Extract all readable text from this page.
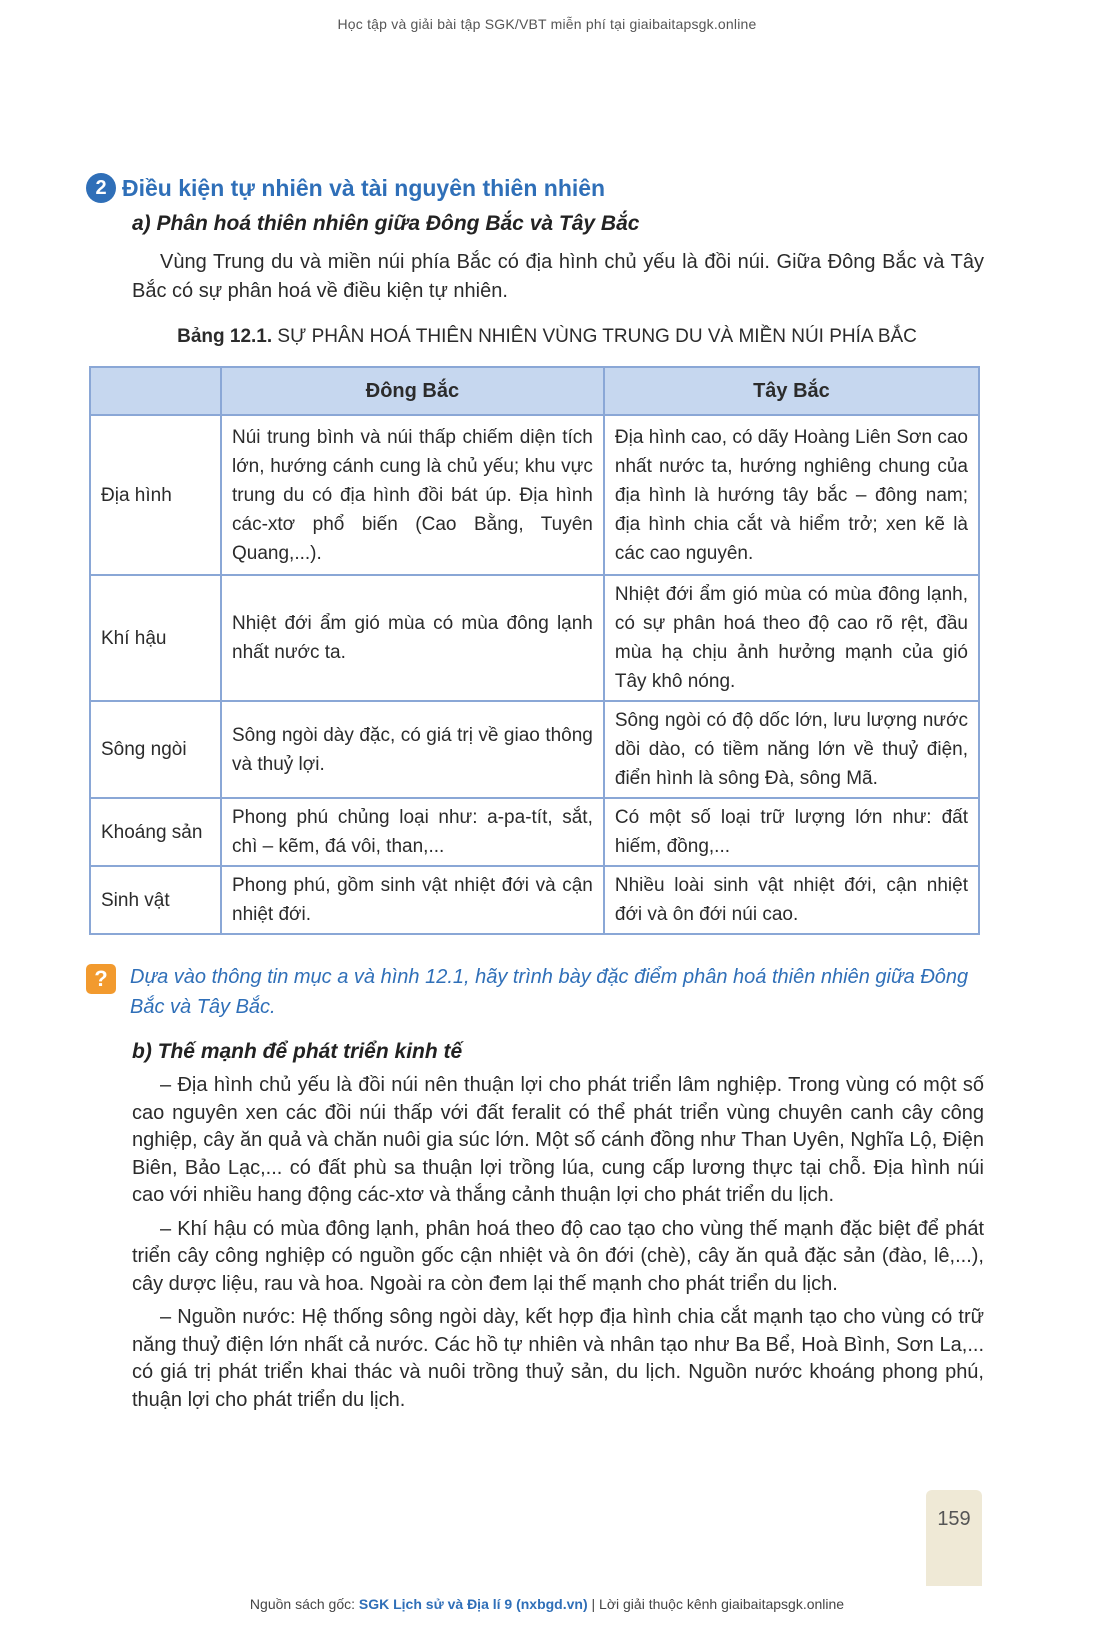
Học tập và giải bài tập SGK/VBT miễn phí tại giaibaitapsgk.online
2 Điều kiện tự nhiên và tài nguyên thiên nhiên
a) Phân hoá thiên nhiên giữa Đông Bắc và Tây Bắc
Vùng Trung du và miền núi phía Bắc có địa hình chủ yếu là đồi núi. Giữa Đông Bắc và Tây Bắc có sự phân hoá về điều kiện tự nhiên.
Bảng 12.1. SỰ PHÂN HOÁ THIÊN NHIÊN VÙNG TRUNG DU VÀ MIỀN NÚI PHÍA BẮC
	Đông Bắc	Tây Bắc
Địa hình	Núi trung bình và núi thấp chiếm diện tích lớn, hướng cánh cung là chủ yếu; khu vực trung du có địa hình đồi bát úp. Địa hình các-xtơ phổ biến (Cao Bằng, Tuyên Quang,...).	Địa hình cao, có dãy Hoàng Liên Sơn cao nhất nước ta, hướng nghiêng chung của địa hình là hướng tây bắc – đông nam; địa hình chia cắt và hiểm trở; xen kẽ là các cao nguyên.
Khí hậu	Nhiệt đới ẩm gió mùa có mùa đông lạnh nhất nước ta.	Nhiệt đới ẩm gió mùa có mùa đông lạnh, có sự phân hoá theo độ cao rõ rệt, đầu mùa hạ chịu ảnh hưởng mạnh của gió Tây khô nóng.
Sông ngòi	Sông ngòi dày đặc, có giá trị về giao thông và thuỷ lợi.	Sông ngòi có độ dốc lớn, lưu lượng nước dồi dào, có tiềm năng lớn về thuỷ điện, điển hình là sông Đà, sông Mã.
Khoáng sản	Phong phú chủng loại như: a-pa-tít, sắt, chì – kẽm, đá vôi, than,...	Có một số loại trữ lượng lớn như: đất hiếm, đồng,...
Sinh vật	Phong phú, gồm sinh vật nhiệt đới và cận nhiệt đới.	Nhiều loài sinh vật nhiệt đới, cận nhiệt đới và ôn đới núi cao.
?	Dựa vào thông tin mục a và hình 12.1, hãy trình bày đặc điểm phân hoá thiên nhiên giữa Đông Bắc và Tây Bắc.
b) Thế mạnh để phát triển kinh tế

– Địa hình chủ yếu là đồi núi nên thuận lợi cho phát triển lâm nghiệp. Trong vùng có một số cao nguyên xen các đồi núi thấp với đất feralit có thể phát triển vùng chuyên canh cây công nghiệp, cây ăn quả và chăn nuôi gia súc lớn. Một số cánh đồng như Than Uyên, Nghĩa Lộ, Điện Biên, Bảo Lạc,... có đất phù sa thuận lợi trồng lúa, cung cấp lương thực tại chỗ. Địa hình núi cao với nhiều hang động các-xtơ và thắng cảnh thuận lợi cho phát triển du lịch.

– Khí hậu có mùa đông lạnh, phân hoá theo độ cao tạo cho vùng thế mạnh đặc biệt để phát triển cây công nghiệp có nguồn gốc cận nhiệt và ôn đới (chè), cây ăn quả đặc sản (đào, lê,...), cây dược liệu, rau và hoa. Ngoài ra còn đem lại thế mạnh cho phát triển du lịch.

– Nguồn nước: Hệ thống sông ngòi dày, kết hợp địa hình chia cắt mạnh tạo cho vùng có trữ năng thuỷ điện lớn nhất cả nước. Các hồ tự nhiên và nhân tạo như Ba Bể, Hoà Bình, Sơn La,... có giá trị phát triển khai thác và nuôi trồng thuỷ sản, du lịch. Nguồn nước khoáng phong phú, thuận lợi cho phát triển du lịch.

159
Nguồn sách gốc: SGK Lịch sử và Địa lí 9 (nxbgd.vn) | Lời giải thuộc kênh giaibaitapsgk.online
